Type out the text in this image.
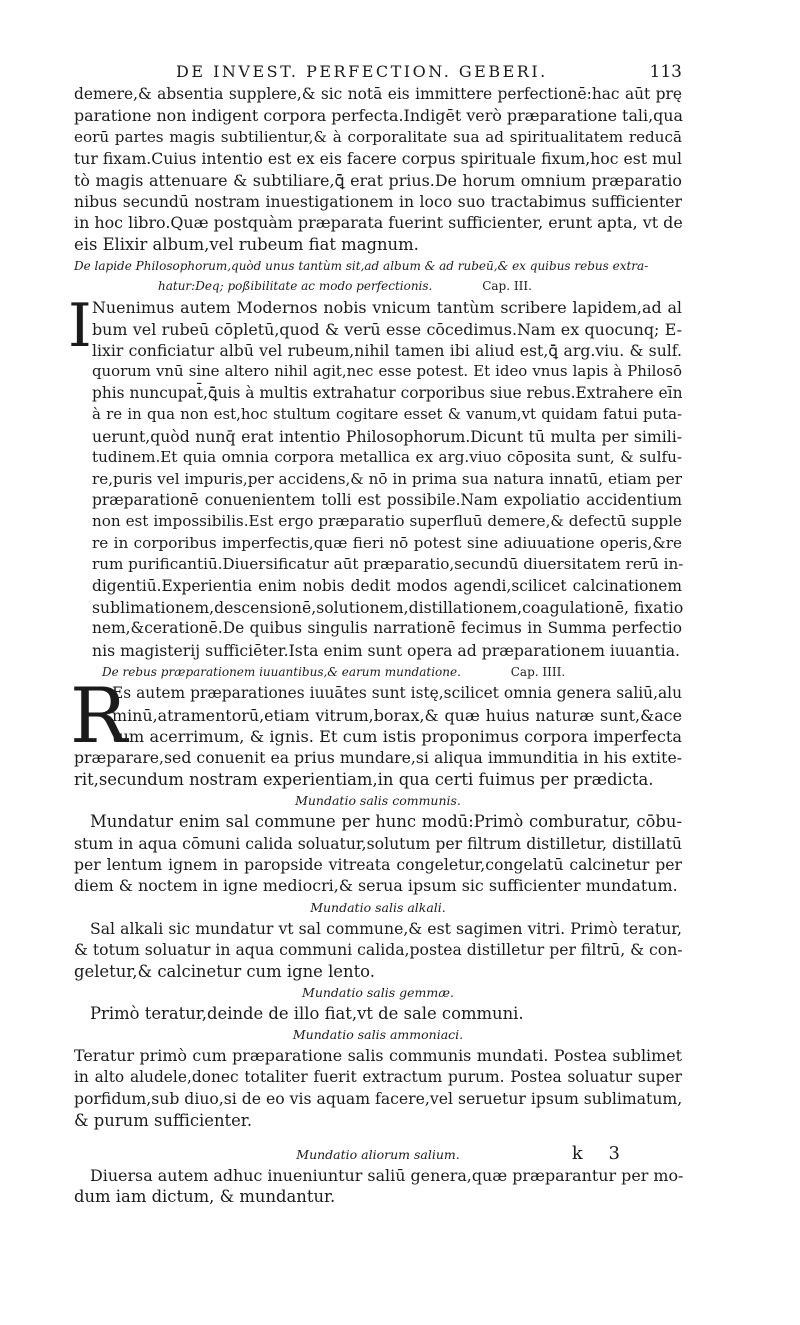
DE INVEST. PERFECTION. GEBERI.	113
demere,& absentia supplere,& sic notā eis immittere perfectionē:hac aūt prę
paratione non indigent corpora perfecta.Indigēt verò præparatione tali,qua
eorū partes magis subtilientur,& à corporalitate sua ad spiritualitatem reducā
tur fixam.Cuius intentio est ex eis facere corpus spirituale fixum,hoc est mul
tò magis attenuare & subtiliare,ꝗ̄ erat prius.De horum omnium præparatio
nibus secundū nostram inuestigationem in loco suo tractabimus sufficienter
in hoc libro.Quæ postquàm præparata fuerint sufficienter, erunt apta, vt de
eis Elixir album,vel rubeum fiat magnum.
De lapide Philosophorum,quòd unus tantùm sit,ad album & ad rubeū,& ex quibus rebus extra-
hatur:Deq; poßibilitate ac modo perfectionis.	Cap. III.
I Nuenimus autem Modernos nobis vnicum tantùm scribere lapidem,ad al
bum vel rubeū cōpletū,quod & verū esse cōcedimus.Nam ex quocunq; E-
lixir conficiatur albū vel rubeum,nihil tamen ibi aliud est,ꝗ̄ arg.viu. & sulf.
quorum vnū sine altero nihil agit,nec esse potest. Et ideo vnus lapis à Philosō
phis nuncupat̄,ꝗ̄uis à multis extrahatur corporibus siue rebus.Extrahere eīn
à re in qua non est,hoc stultum cogitare esset & vanum,vt quidam fatui puta-
uerunt,quòd nunq̄ erat intentio Philosophorum.Dicunt tū multa per simili-
tudinem.Et quia omnia corpora metallica ex arg.viuo cōposita sunt, & sulfu-
re,puris vel impuris,per accidens,& nō in prima sua natura innatū, etiam per
præparationē conuenientem tolli est possibile.Nam expoliatio accidentium
non est impossibilis.Est ergo præparatio superfluū demere,& defectū supple
re in corporibus imperfectis,quæ fieri nō potest sine adiuuatione operis,&re
rum purificantiū.Diuersificatur aūt præparatio,secundū diuersitatem rerū in-
digentiū.Experientia enim nobis dedit modos agendi,scilicet calcinationem
sublimationem,descensionē,solutionem,distillationem,coagulationē, fixatio
nem,&cerationē.De quibus singulis narrationē fecimus in Summa perfectio
nis magisterij sufficiēter.Ista enim sunt opera ad præparationem iuuantia.
De rebus præparationem iuuantibus,& earum mundatione.	Cap. IIII.
R
Es autem præparationes iuuātes sunt istę,scilicet omnia genera saliū,alu
minū,atramentorū,etiam vitrum,borax,& quæ huius naturæ sunt,&ace
tum acerrimum, & ignis. Et cum istis proponimus corpora imperfecta
præparare,sed conuenit ea prius mundare,si aliqua immunditia in his extite-
rit,secundum nostram experientiam,in qua certi fuimus per prædicta.
Mundatio salis communis.
Mundatur enim sal commune per hunc modū:Primò comburatur, cōbu-
stum in aqua cōmuni calida soluatur,solutum per filtrum distilletur, distillatū
per lentum ignem in paropside vitreata congeletur,congelatū calcinetur per
diem & noctem in igne mediocri,& serua ipsum sic sufficienter mundatum.
Mundatio salis alkali.
Sal alkali sic mundatur vt sal commune,& est sagimen vitri. Primò teratur,
& totum soluatur in aqua communi calida,postea distilletur per filtrū, & con-
geletur,& calcinetur cum igne lento.
Mundatio salis gemmæ.
Primò teratur,deinde de illo fiat,vt de sale communi.
Mundatio salis ammoniaci.
Teratur primò cum præparatione salis communis mundati. Postea sublimet
in alto aludele,donec totaliter fuerit extractum purum. Postea soluatur super
porfidum,sub diuo,si de eo vis aquam facere,vel seruetur ipsum sublimatum,
& purum sufficienter.
Mundatio aliorum salium.
Diuersa autem adhuc inueniuntur saliū genera,quæ præparantur per mo-
dum iam dictum, & mundantur.
k 3
